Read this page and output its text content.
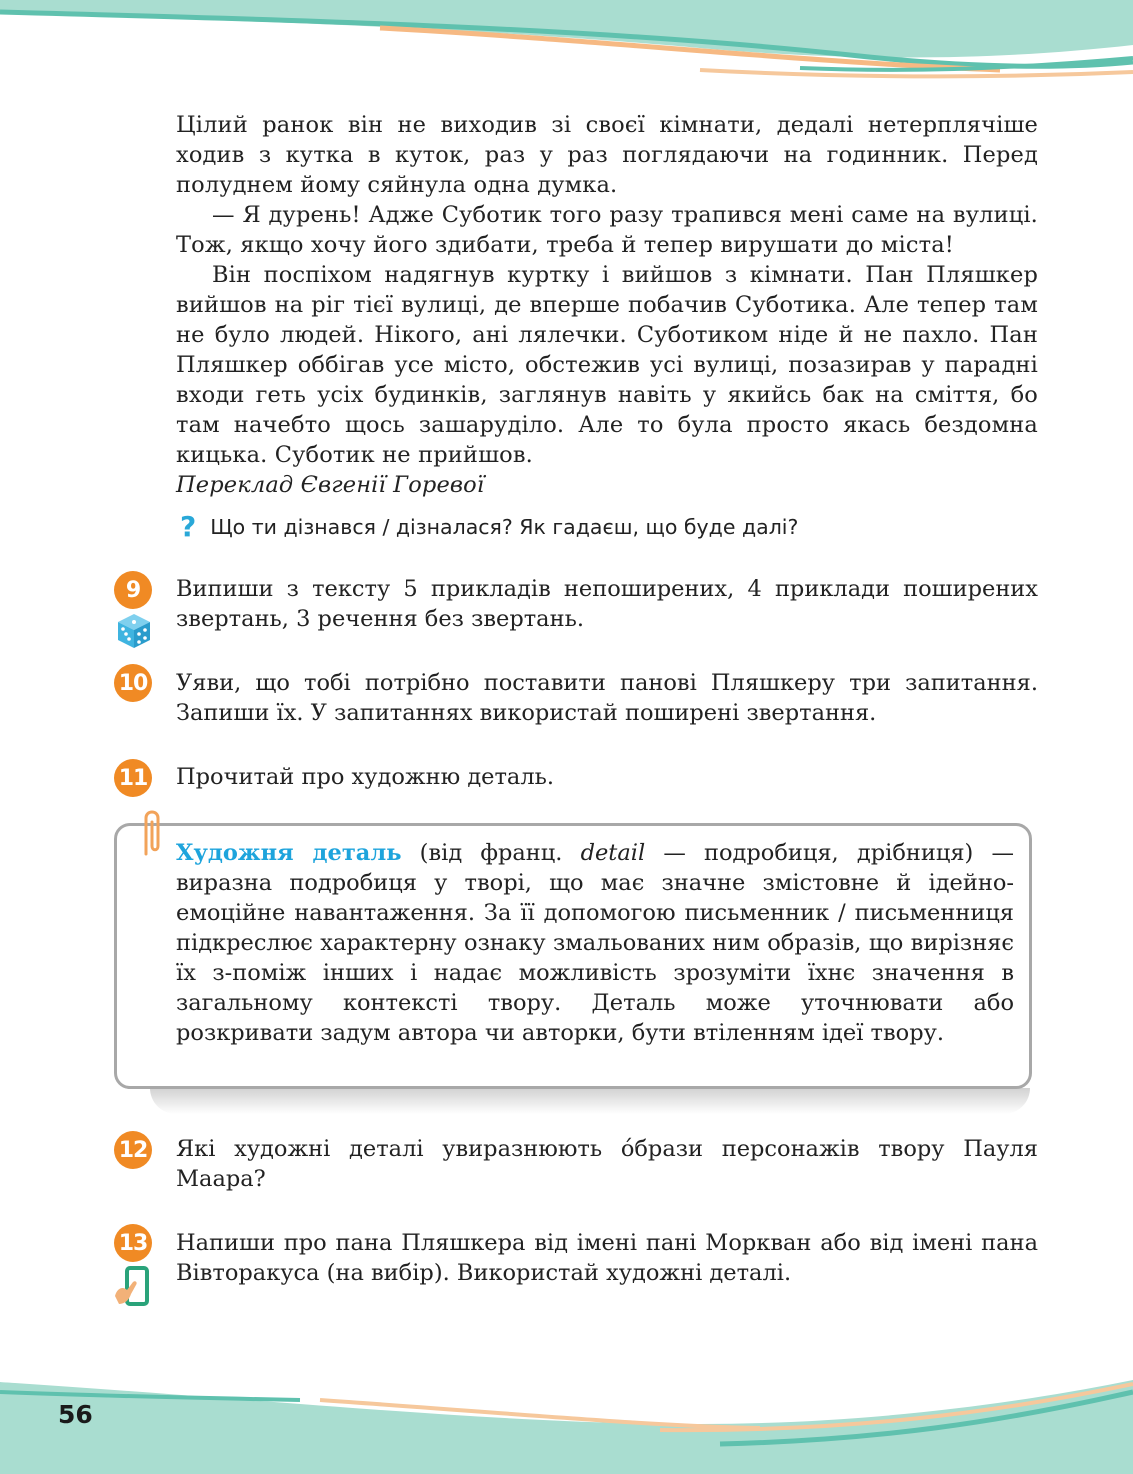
Цілий ранок він не виходив зі своєї кімнати, дедалі нетерплячіше ходив з кутка в куток, раз у раз поглядаючи на годинник. Перед полуднем йому сяйнула одна думка.

— Я дурень! Адже Суботик того разу трапився мені саме на вулиці. Тож, якщо хочу його здибати, треба й тепер вирушати до міста!

Він поспіхом надягнув куртку і вийшов з кімнати. Пан Пляшкер вийшов на ріг тієї вулиці, де вперше побачив Суботика. Але тепер там не було людей. Нікого, ані лялечки. Суботиком ніде й не пахло. Пан Пляшкер оббігав усе місто, обстежив усі вулиці, позазирав у парадні входи геть усіх будинків, заглянув навіть у якийсь бак на сміття, бо там начебто щось зашаруділо. Але то була просто якась бездомна кицька. Суботик не прийшов.

Переклад Євгенії Горевої

? Що ти дізнався / дізналася? Як гадаєш, що буде далі?
9	Випиши з тексту 5 прикладів непоширених, 4 приклади поширених звертань, 3 речення без звертань.

10 Уяви, що тобі потрібно поставити панові Пляшкеру три запитання. Запиши їх. У запитаннях використай поширені звертання.

11 Прочитай про художню деталь.

Художня деталь (від франц. detail — подробиця, дрібниця) — виразна подробиця у творі, що має значне змістовне й ідейно-емоційне навантаження. За її допомогою письменник / письменниця підкреслює характерну ознаку змальованих ним образів, що вирізняє їх з-поміж інших і надає можливість зрозуміти їхнє значення в загальному контексті твору. Деталь може уточнювати або розкривати задум автора чи авторки, бути втіленням ідеї твору.

12 Які художні деталі увиразнюють о́брази персонажів твору Пауля Маара?

13 Напиши про пана Пляшкера від імені пані Моркван або від імені пана Вівторакуса (на вибір). Використай художні деталі.

56
